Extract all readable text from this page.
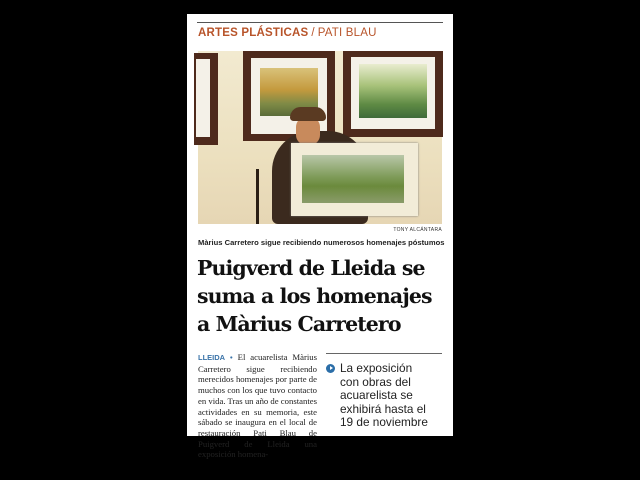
ARTES PLÁSTICAS / PATI BLAU
TONY ALCÁNTARA
Màrius Carretero sigue recibiendo numerosos homenajes póstumos
Puigverd de Lleida se
suma a los homenajes
a Màrius Carretero
LLEIDA • El acuarelista Màrius Carretero sigue recibiendo merecidos homenajes por parte de muchos con los que tuvo contacto en vida. Tras un año de constantes actividades en su memoria, este sábado se inaugura en el local de restauración Pati Blau de Puigverd de Lleida una exposición homena-
La exposición
con obras del
acuarelista se
exhibirá hasta el
19 de noviembre
